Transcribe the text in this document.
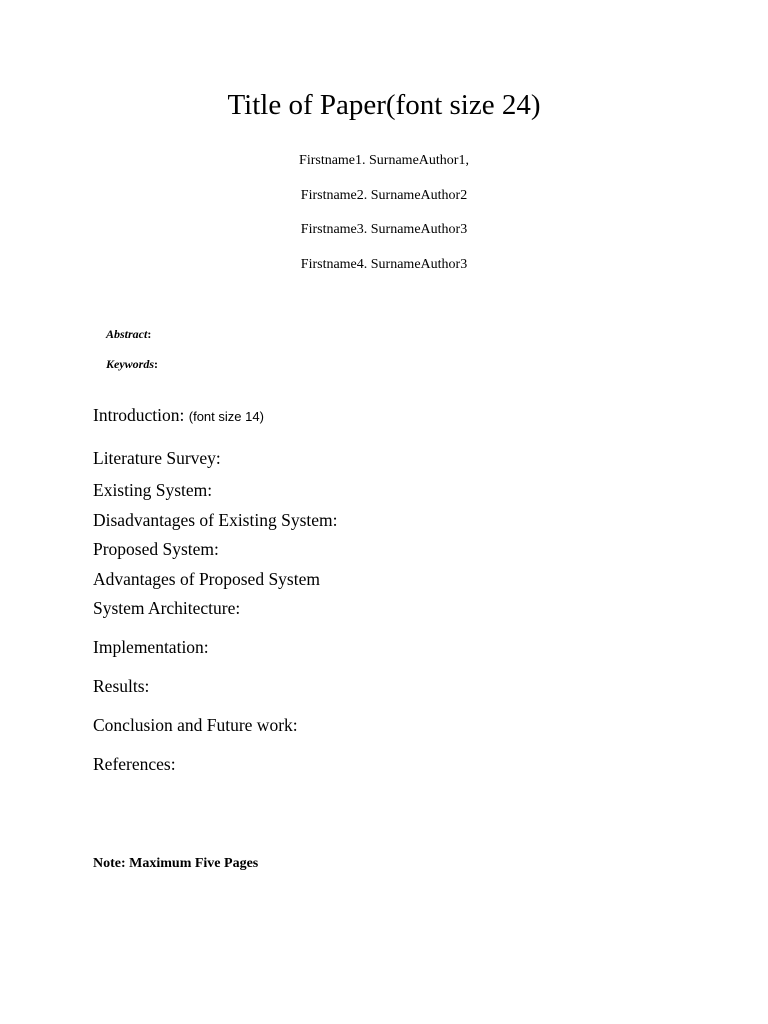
Title of Paper(font size 24)
Firstname1. SurnameAuthor1,
Firstname2. SurnameAuthor2
Firstname3. SurnameAuthor3
Firstname4. SurnameAuthor3
Abstract:
Keywords:
Introduction: (font size 14)
Literature Survey:
Existing System:
Disadvantages of Existing System:
Proposed System:
Advantages of Proposed System
System Architecture:
Implementation:
Results:
Conclusion and Future work:
References:
Note: Maximum Five Pages
